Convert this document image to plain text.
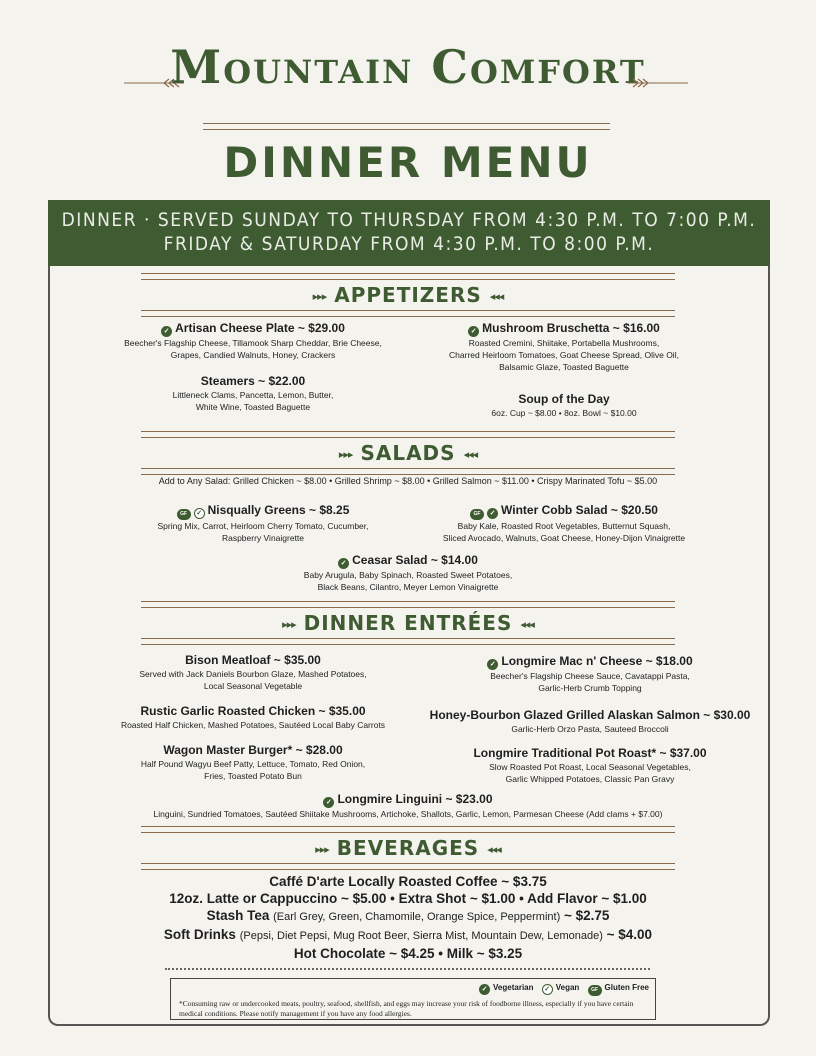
Mountain Comfort
DINNER MENU
DINNER · SERVED SUNDAY TO THURSDAY FROM 4:30 P.M. TO 7:00 P.M.
FRIDAY & SATURDAY FROM 4:30 P.M. TO 8:00 P.M.
▸▸▸ APPETIZERS ◂◂◂
✓ Artisan Cheese Plate ~ $29.00
Beecher's Flagship Cheese, Tillamook Sharp Cheddar, Brie Cheese,
Grapes, Candied Walnuts, Honey, Crackers
Steamers ~ $22.00
Littleneck Clams, Pancetta, Lemon, Butter,
White Wine, Toasted Baguette
✓ Mushroom Bruschetta ~ $16.00
Roasted Cremini, Shiitake, Portabella Mushrooms,
Charred Heirloom Tomatoes, Goat Cheese Spread, Olive Oil,
Balsamic Glaze, Toasted Baguette
Soup of the Day
6oz. Cup ~ $8.00 • 8oz. Bowl ~ $10.00
▸▸▸ SALADS ◂◂◂
Add to Any Salad: Grilled Chicken ~ $8.00 • Grilled Shrimp ~ $8.00 • Grilled Salmon ~ $11.00 • Crispy Marinated Tofu ~ $5.00
GF ✓ Nisqually Greens ~ $8.25
Spring Mix, Carrot, Heirloom Cherry Tomato, Cucumber,
Raspberry Vinaigrette
GF ✓ Winter Cobb Salad ~ $20.50
Baby Kale, Roasted Root Vegetables, Butternut Squash,
Sliced Avocado, Walnuts, Goat Cheese, Honey-Dijon Vinaigrette
✓ Ceasar Salad ~ $14.00
Baby Arugula, Baby Spinach, Roasted Sweet Potatoes,
Black Beans, Cilantro, Meyer Lemon Vinaigrette
▸▸▸ DINNER ENTRÉES ◂◂◂
Bison Meatloaf ~ $35.00
Served with Jack Daniels Bourbon Glaze, Mashed Potatoes,
Local Seasonal Vegetable
Rustic Garlic Roasted Chicken ~ $35.00
Roasted Half Chicken, Mashed Potatoes, Sautéed Local Baby Carrots
Wagon Master Burger* ~ $28.00
Half Pound Wagyu Beef Patty, Lettuce, Tomato, Red Onion,
Fries, Toasted Potato Bun
✓ Longmire Mac n' Cheese ~ $18.00
Beecher's Flagship Cheese Sauce, Cavatappi Pasta,
Garlic-Herb Crumb Topping
Honey-Bourbon Glazed Grilled Alaskan Salmon ~ $30.00
Garlic-Herb Orzo Pasta, Sauteed Broccoli
Longmire Traditional Pot Roast* ~ $37.00
Slow Roasted Pot Roast, Local Seasonal Vegetables,
Garlic Whipped Potatoes, Classic Pan Gravy
✓ Longmire Linguini ~ $23.00
Linguini, Sundried Tomatoes, Sautéed Shiitake Mushrooms, Artichoke, Shallots, Garlic, Lemon, Parmesan Cheese (Add clams + $7.00)
▸▸▸ BEVERAGES ◂◂◂
Caffé D'arte Locally Roasted Coffee ~ $3.75
12oz. Latte or Cappuccino ~ $5.00 • Extra Shot ~ $1.00 • Add Flavor ~ $1.00
Stash Tea (Earl Grey, Green, Chamomile, Orange Spice, Peppermint) ~ $2.75
Soft Drinks (Pepsi, Diet Pepsi, Mug Root Beer, Sierra Mist, Mountain Dew, Lemonade) ~ $4.00
Hot Chocolate ~ $4.25 • Milk ~ $3.25
✓ Vegetarian ✓ Vegan GF Gluten Free
*Consuming raw or undercooked meats, poultry, seafood, shellfish, and eggs may increase your risk of foodborne illness, especially if you have certain medical conditions. Please notify management if you have any food allergies.
